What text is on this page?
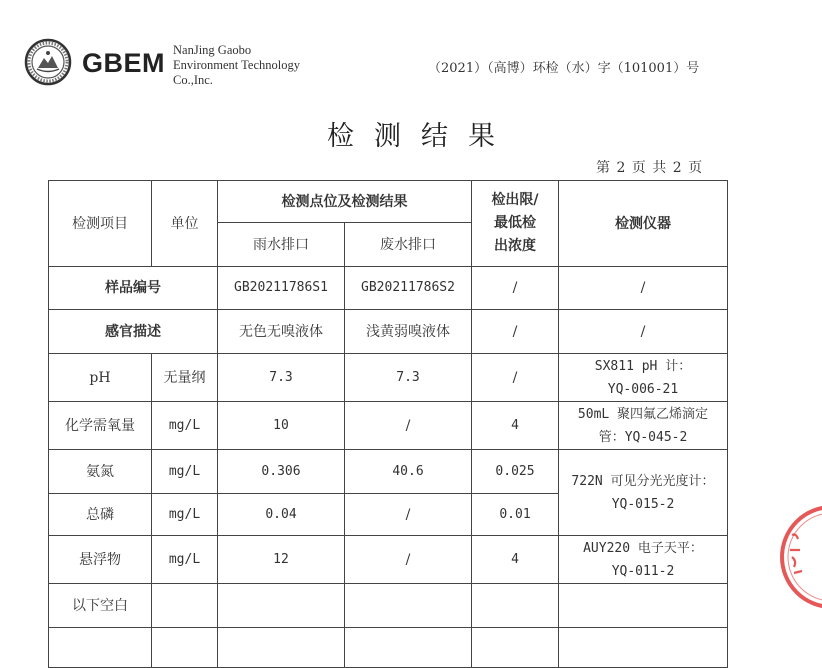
GBEM NanJing Gaobo
Environment Technology
Co.,Inc.
（2021）（高博）环检（水）字（101001）号
检测结果
第 2 页 共 2 页
检测项目	单位	检测点位及检测结果		检出限/
最低检
出浓度	检测仪器
		雨水排口	废水排口		
样品编号		GB20211786S1	GB20211786S2	/	/
感官描述		无色无嗅液体	浅黄弱嗅液体	/	/
pH	无量纲	7.3	7.3	/	SX811 pH 计：
YQ-006-21

化学需氧量	mg/L	10	/	4	50mL 聚四氟乙烯滴定
管：YQ-045-2

氨氮	mg/L	0.306	40.6	0.025	722N 可见分光光度计：
YQ-015-2

总磷	mg/L	0.04	/	0.01	
悬浮物	mg/L	12	/	4	AUY220 电子天平：
YQ-011-2

以下空白					
